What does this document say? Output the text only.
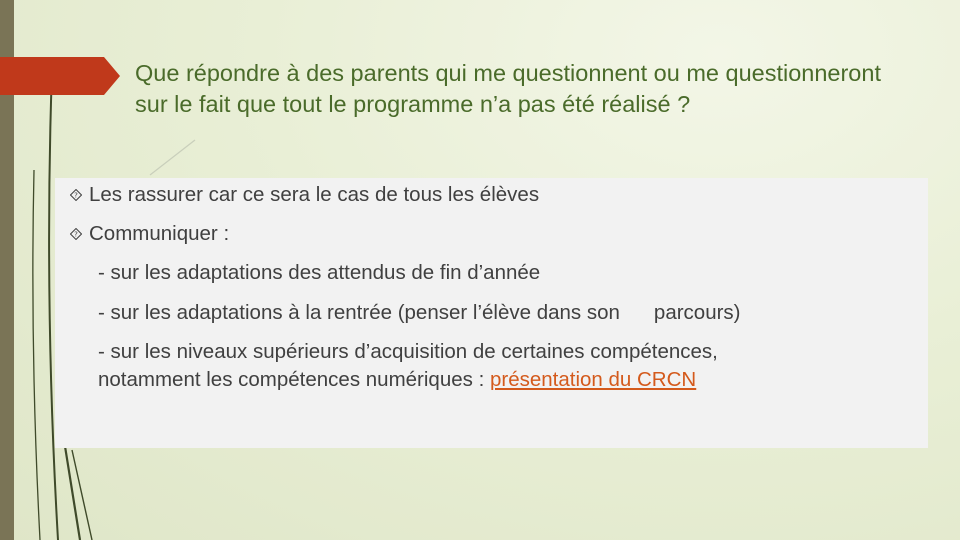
Que répondre à des parents qui me questionnent ou me questionneront sur le fait que tout le programme n’a pas été réalisé ?
? Les rassurer car ce sera le cas de tous les élèves
? Communiquer :
- sur les adaptations des attendus de fin d’année
- sur les adaptations à la rentrée (penser l’élève dans son parcours)
- sur les niveaux supérieurs d’acquisition de certaines compétences,
notamment les compétences numériques : présentation du CRCN
